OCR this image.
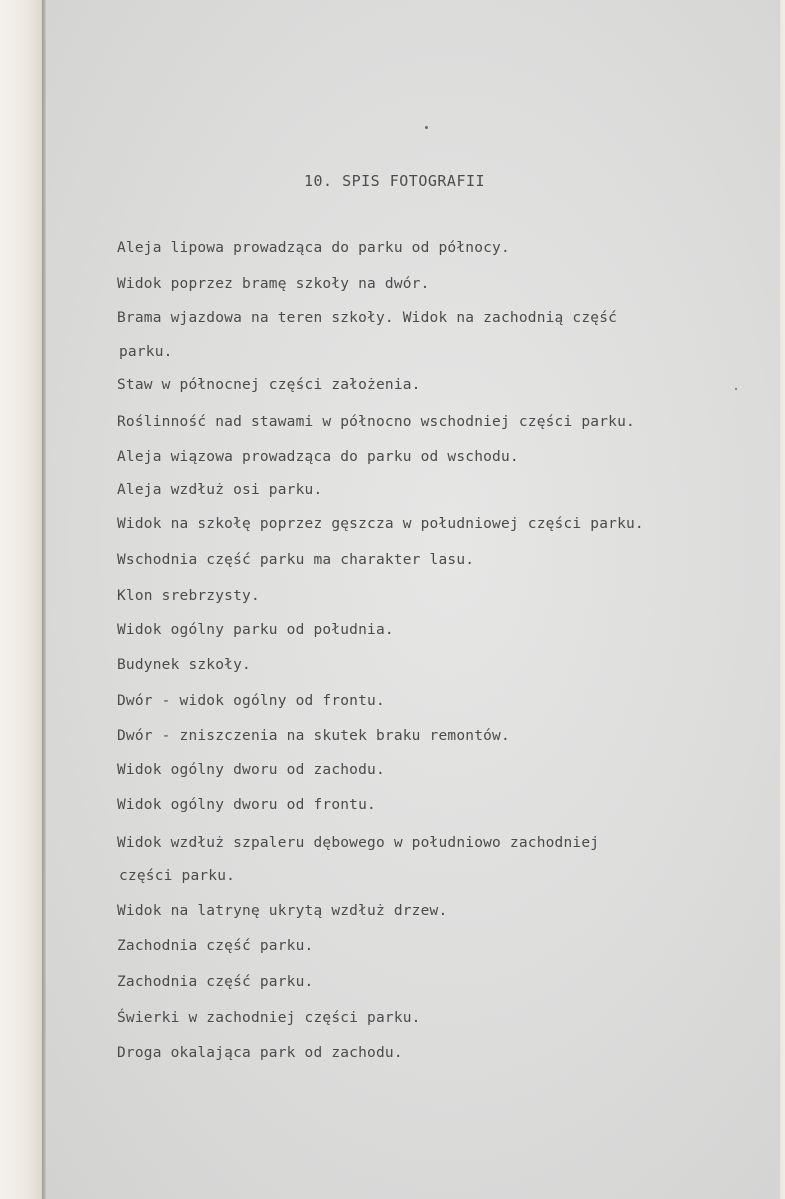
10. SPIS FOTOGRAFII
Aleja lipowa prowadząca do parku od północy.
Widok poprzez bramę szkoły na dwór.
Brama wjazdowa na teren szkoły. Widok na zachodnią część
parku.
Staw w północnej części założenia.
Roślinność nad stawami w północno wschodniej części parku.
Aleja wiązowa prowadząca do parku od wschodu.
Aleja wzdłuż osi parku.
Widok na szkołę poprzez gęszcza w południowej części parku.
Wschodnia część parku ma charakter lasu.
Klon srebrzysty.
Widok ogólny parku od południa.
Budynek szkoły.
Dwór - widok ogólny od frontu.
Dwór - zniszczenia na skutek braku remontów.
Widok ogólny dworu od zachodu.
Widok ogólny dworu od frontu.
Widok wzdłuż szpaleru dębowego w południowo zachodniej
części parku.
Widok na latrynę ukrytą wzdłuż drzew.
Zachodnia część parku.
Zachodnia część parku.
Świerki w zachodniej części parku.
Droga okalająca park od zachodu.
